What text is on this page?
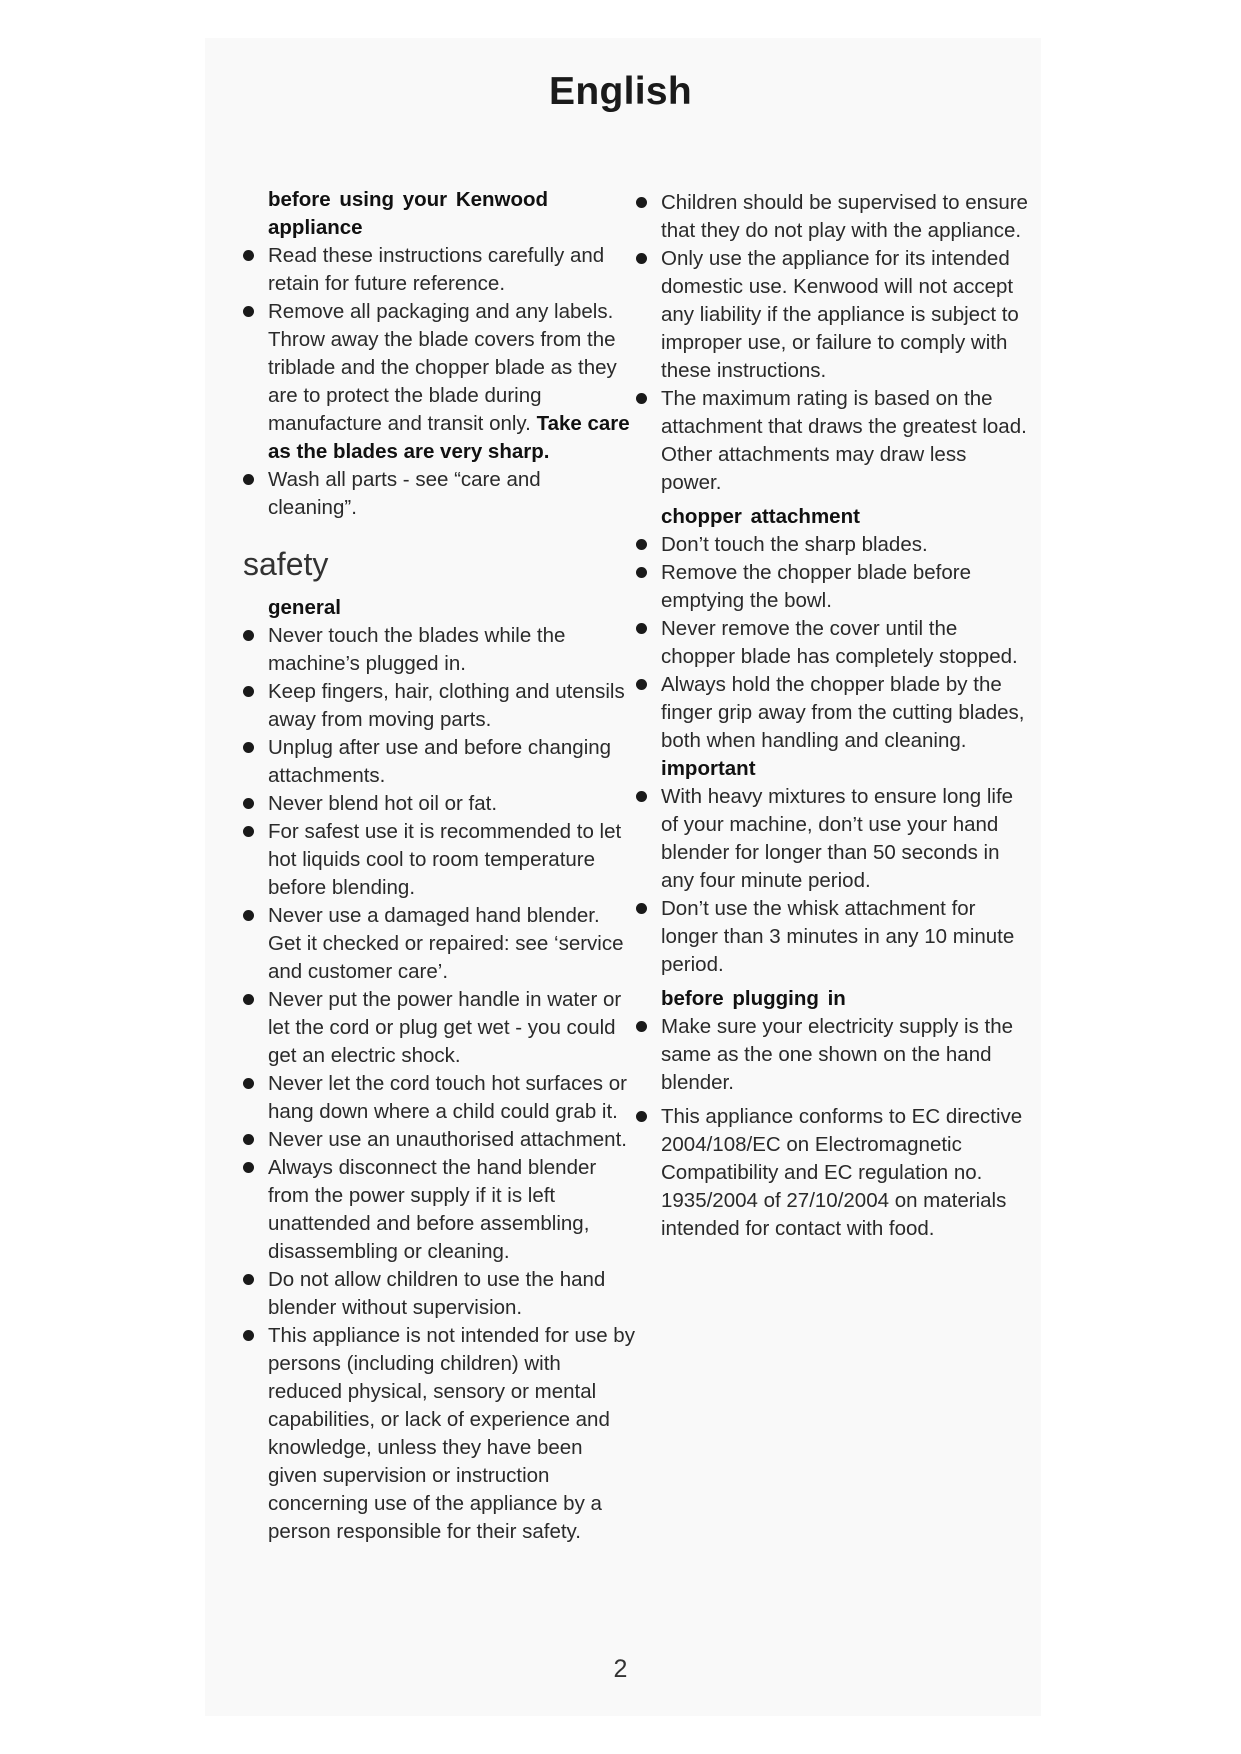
English
before using your Kenwood appliance
Read these instructions carefully and retain for future reference.
Remove all packaging and any labels. Throw away the blade covers from the triblade and the chopper blade as they are to protect the blade during manufacture and transit only. Take care as the blades are very sharp.
Wash all parts - see “care and cleaning”.
safety
general
Never touch the blades while the machine’s plugged in.
Keep fingers, hair, clothing and utensils away from moving parts.
Unplug after use and before changing attachments.
Never blend hot oil or fat.
For safest use it is recommended to let hot liquids cool to room temperature before blending.
Never use a damaged hand blender. Get it checked or repaired: see ‘service and customer care’.
Never put the power handle in water or let the cord or plug get wet - you could get an electric shock.
Never let the cord touch hot surfaces or hang down where a child could grab it.
Never use an unauthorised attachment.
Always disconnect the hand blender from the power supply if it is left unattended and before assembling, disassembling or cleaning.
Do not allow children to use the hand blender without supervision.
This appliance is not intended for use by persons (including children) with reduced physical, sensory or mental capabilities, or lack of experience and knowledge, unless they have been given supervision or instruction concerning use of the appliance by a person responsible for their safety.
Children should be supervised to ensure that they do not play with the appliance.
Only use the appliance for its intended domestic use. Kenwood will not accept any liability if the appliance is subject to improper use, or failure to comply with these instructions.
The maximum rating is based on the attachment that draws the greatest load. Other attachments may draw less power.
chopper attachment
Don’t touch the sharp blades.
Remove the chopper blade before emptying the bowl.
Never remove the cover until the chopper blade has completely stopped.
Always hold the chopper blade by the finger grip away from the cutting blades, both when handling and cleaning.
important
With heavy mixtures to ensure long life of your machine, don’t use your hand blender for longer than 50 seconds in any four minute period.
Don’t use the whisk attachment for longer than 3 minutes in any 10 minute period.
before plugging in
Make sure your electricity supply is the same as the one shown on the hand blender.
This appliance conforms to EC directive 2004/108/EC on Electromagnetic Compatibility and EC regulation no. 1935/2004 of 27/10/2004 on materials intended for contact with food.
2
